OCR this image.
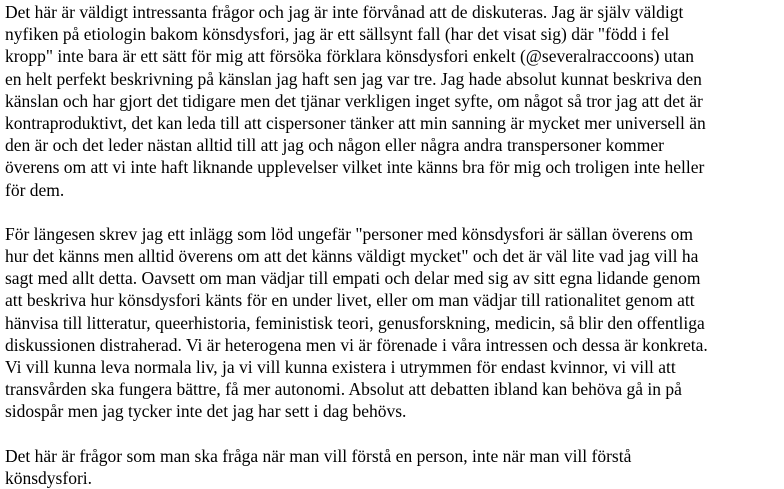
Det här är väldigt intressanta frågor och jag är inte förvånad att de diskuteras. Jag är själv väldigt
nyfiken på etiologin bakom könsdysfori, jag är ett sällsynt fall (har det visat sig) där "född i fel
kropp" inte bara är ett sätt för mig att försöka förklara könsdysfori enkelt (@severalraccoons) utan
en helt perfekt beskrivning på känslan jag haft sen jag var tre. Jag hade absolut kunnat beskriva den
känslan och har gjort det tidigare men det tjänar verkligen inget syfte, om något så tror jag att det är
kontraproduktivt, det kan leda till att cispersoner tänker att min sanning är mycket mer universell än
den är och det leder nästan alltid till att jag och någon eller några andra transpersoner kommer
överens om att vi inte haft liknande upplevelser vilket inte känns bra för mig och troligen inte heller
för dem.
För längesen skrev jag ett inlägg som löd ungefär "personer med könsdysfori är sällan överens om
hur det känns men alltid överens om att det känns väldigt mycket" och det är väl lite vad jag vill ha
sagt med allt detta. Oavsett om man vädjar till empati och delar med sig av sitt egna lidande genom
att beskriva hur könsdysfori känts för en under livet, eller om man vädjar till rationalitet genom att
hänvisa till litteratur, queerhistoria, feministisk teori, genusforskning, medicin, så blir den offentliga
diskussionen distraherad. Vi är heterogena men vi är förenade i våra intressen och dessa är konkreta.
Vi vill kunna leva normala liv, ja vi vill kunna existera i utrymmen för endast kvinnor, vi vill att
transvården ska fungera bättre, få mer autonomi. Absolut att debatten ibland kan behöva gå in på
sidospår men jag tycker inte det jag har sett i dag behövs.
Det här är frågor som man ska fråga när man vill förstå en person, inte när man vill förstå
könsdysfori.
